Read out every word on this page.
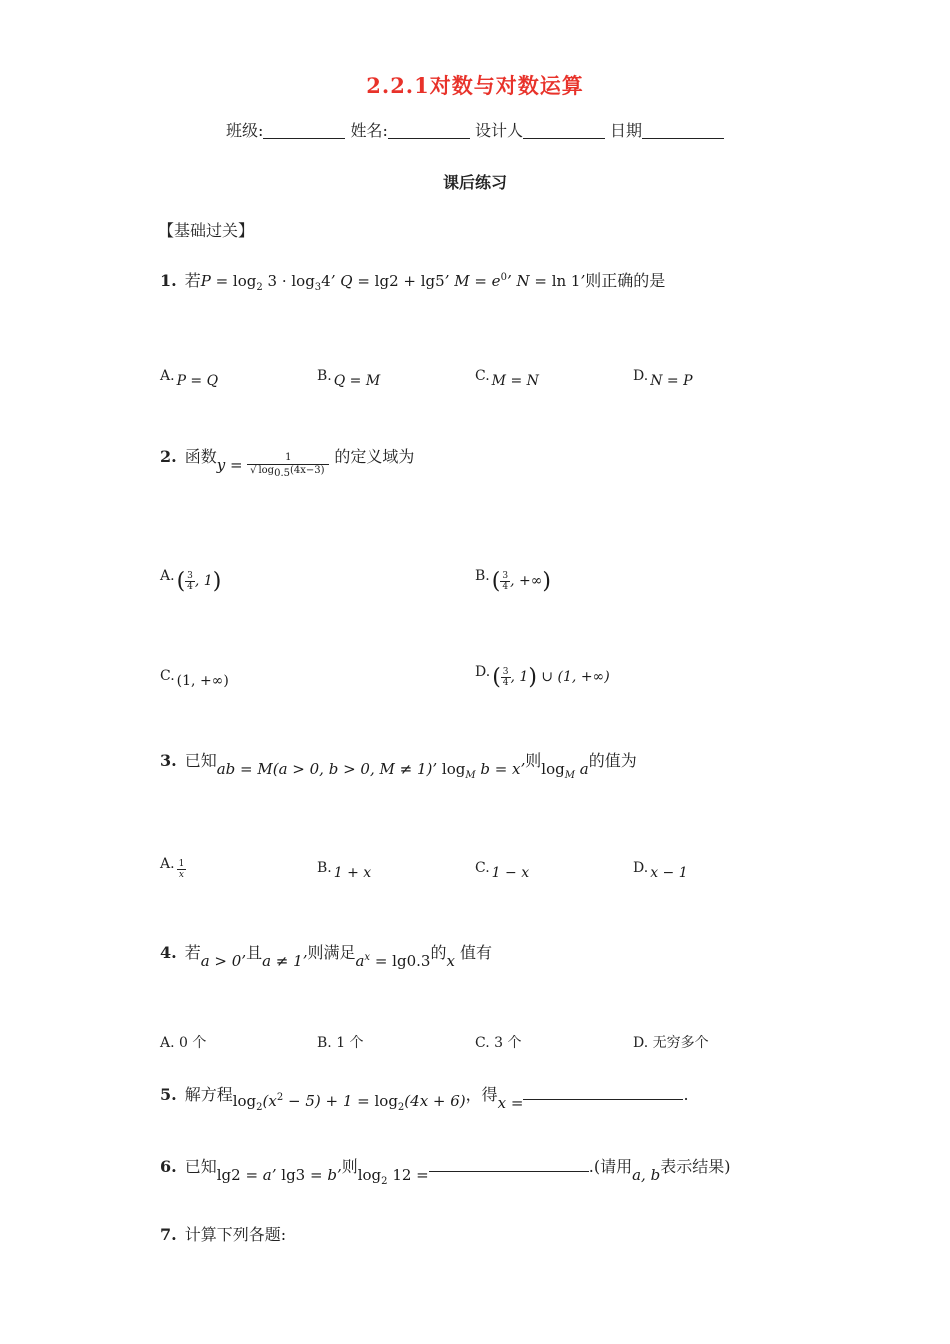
2.2.1对数与对数运算
班级:	姓名:	设计人	日期
课后练习
【基础过关】
1. 若$P = \log_2 3 \cdot \log_34$’ Q = lg2 + lg5’ $M = e^0$’ N = ln 1’则正确的是
A. P = Q	B. Q = M	C. M = N	D. N = P
2. 函数$y = \frac{1}{√ \log_{0.5}(4x-3)}$ 的定义域为
$A.( \frac{3}{4}$ , 1)	$B.( \frac{3}{4}$ , +∞)
C. (1, +∞)
$D.( \frac{3}{4}$ , 1) ∪ (1, +∞)
3. 已知ab = M(a > 0, b > 0, M ≠ 1)’ $\log_M b = x$’则$\log_M a$的值为
A. $\frac{1}{x}$	B. 1 + x	C. 1 − x	D. x − 1
4. 若a > 0’且a ≠ 1’则满足$a^x = \lg 0.3$的x 值有
A. 0 个	B. 1 个	C. 3 个	D. 无穷多个
5. 解方程$\log_2(x^2 - 5) + 1 = \log_2(4x + 6)$，得x =	.
6. 已知lg2 = a’ lg3 = b’则$\log_2 12$ =	.(请用a, b表示结果)
7. 计算下列各题:
